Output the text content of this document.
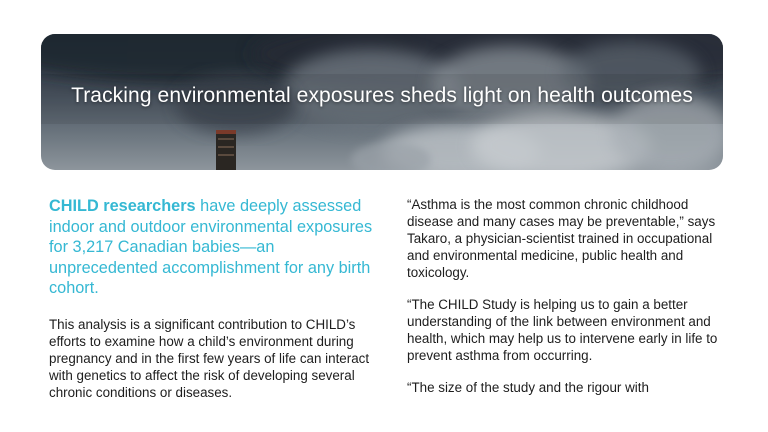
Tracking environmental exposures sheds light on health outcomes

CHILD researchers have deeply assessed indoor and outdoor environmental exposures for 3,217 Canadian babies—an unprecedented accomplishment for any birth cohort.

This analysis is a significant contribution to CHILD’s efforts to examine how a child’s environment during pregnancy and in the first few years of life can interact with genetics to affect the risk of developing several chronic conditions or diseases.

“Asthma is the most common chronic childhood disease and many cases may be preventable,” says Takaro, a physician-scientist trained in occupational and environmental medicine, public health and toxicology.

“The CHILD Study is helping us to gain a better understanding of the link between environment and health, which may help us to intervene early in life to prevent asthma from occurring.

“The size of the study and the rigour with
